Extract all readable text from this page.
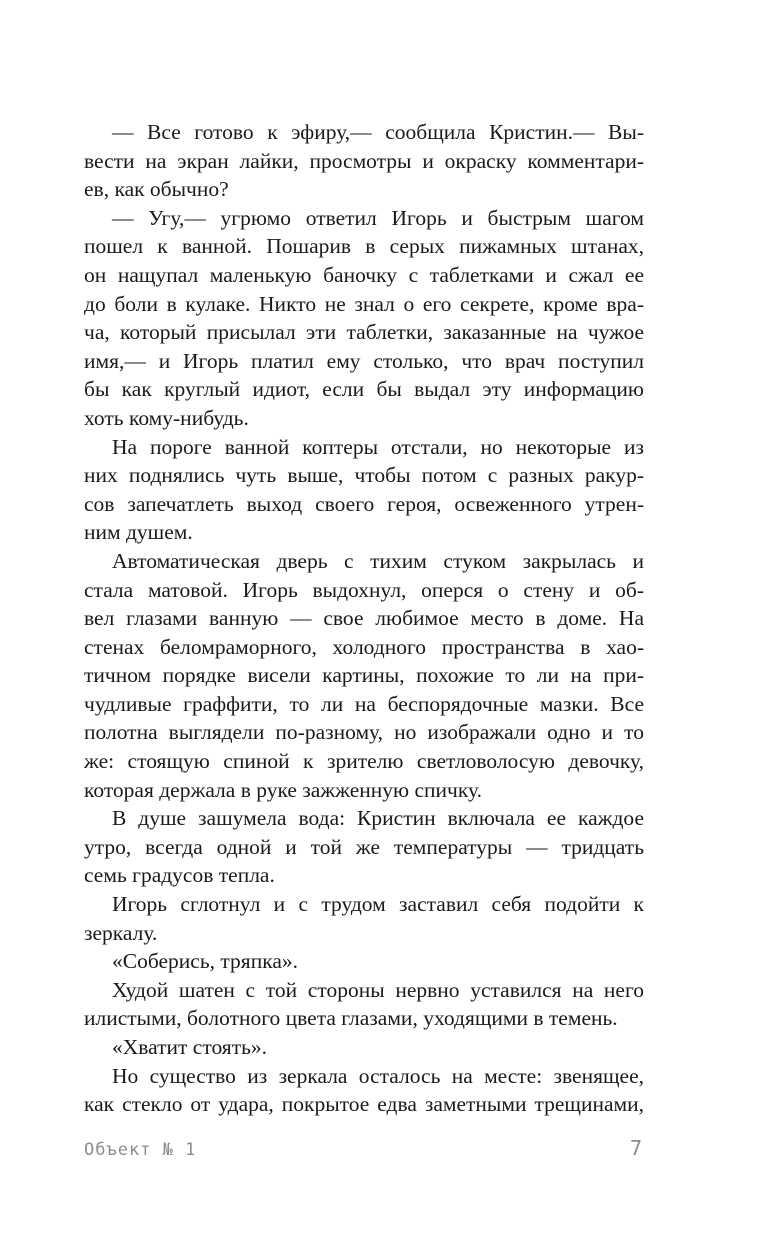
— Все готово к эфиру,— сообщила Кристин.— Вы-
вести на экран лайки, просмотры и окраску комментари-
ев, как обычно?
— Угу,— угрюмо ответил Игорь и быстрым шагом
пошел к ванной. Пошарив в серых пижамных штанах,
он нащупал маленькую баночку с таблетками и сжал ее
до боли в кулаке. Никто не знал о его секрете, кроме вра-
ча, который присылал эти таблетки, заказанные на чужое
имя,— и Игорь платил ему столько, что врач поступил
бы как круглый идиот, если бы выдал эту информацию
хоть кому-нибудь.
На пороге ванной коптеры отстали, но некоторые из
них поднялись чуть выше, чтобы потом с разных ракур-
сов запечатлеть выход своего героя, освеженного утрен-
ним душем.
Автоматическая дверь с тихим стуком закрылась и
стала матовой. Игорь выдохнул, оперся о стену и об-
вел глазами ванную — свое любимое место в доме. На
стенах беломраморного, холодного пространства в хао-
тичном порядке висели картины, похожие то ли на при-
чудливые граффити, то ли на беспорядочные мазки. Все
полотна выглядели по-разному, но изображали одно и то
же: стоящую спиной к зрителю светловолосую девочку,
которая держала в руке зажженную спичку.
В душе зашумела вода: Кристин включала ее каждое
утро, всегда одной и той же температуры — тридцать
семь градусов тепла.
Игорь сглотнул и с трудом заставил себя подойти к
зеркалу.
«Соберись, тряпка».
Худой шатен с той стороны нервно уставился на него
илистыми, болотного цвета глазами, уходящими в темень.
«Хватит стоять».
Но существо из зеркала осталось на месте: звенящее,
как стекло от удара, покрытое едва заметными трещинами,
Объект № 1	7
